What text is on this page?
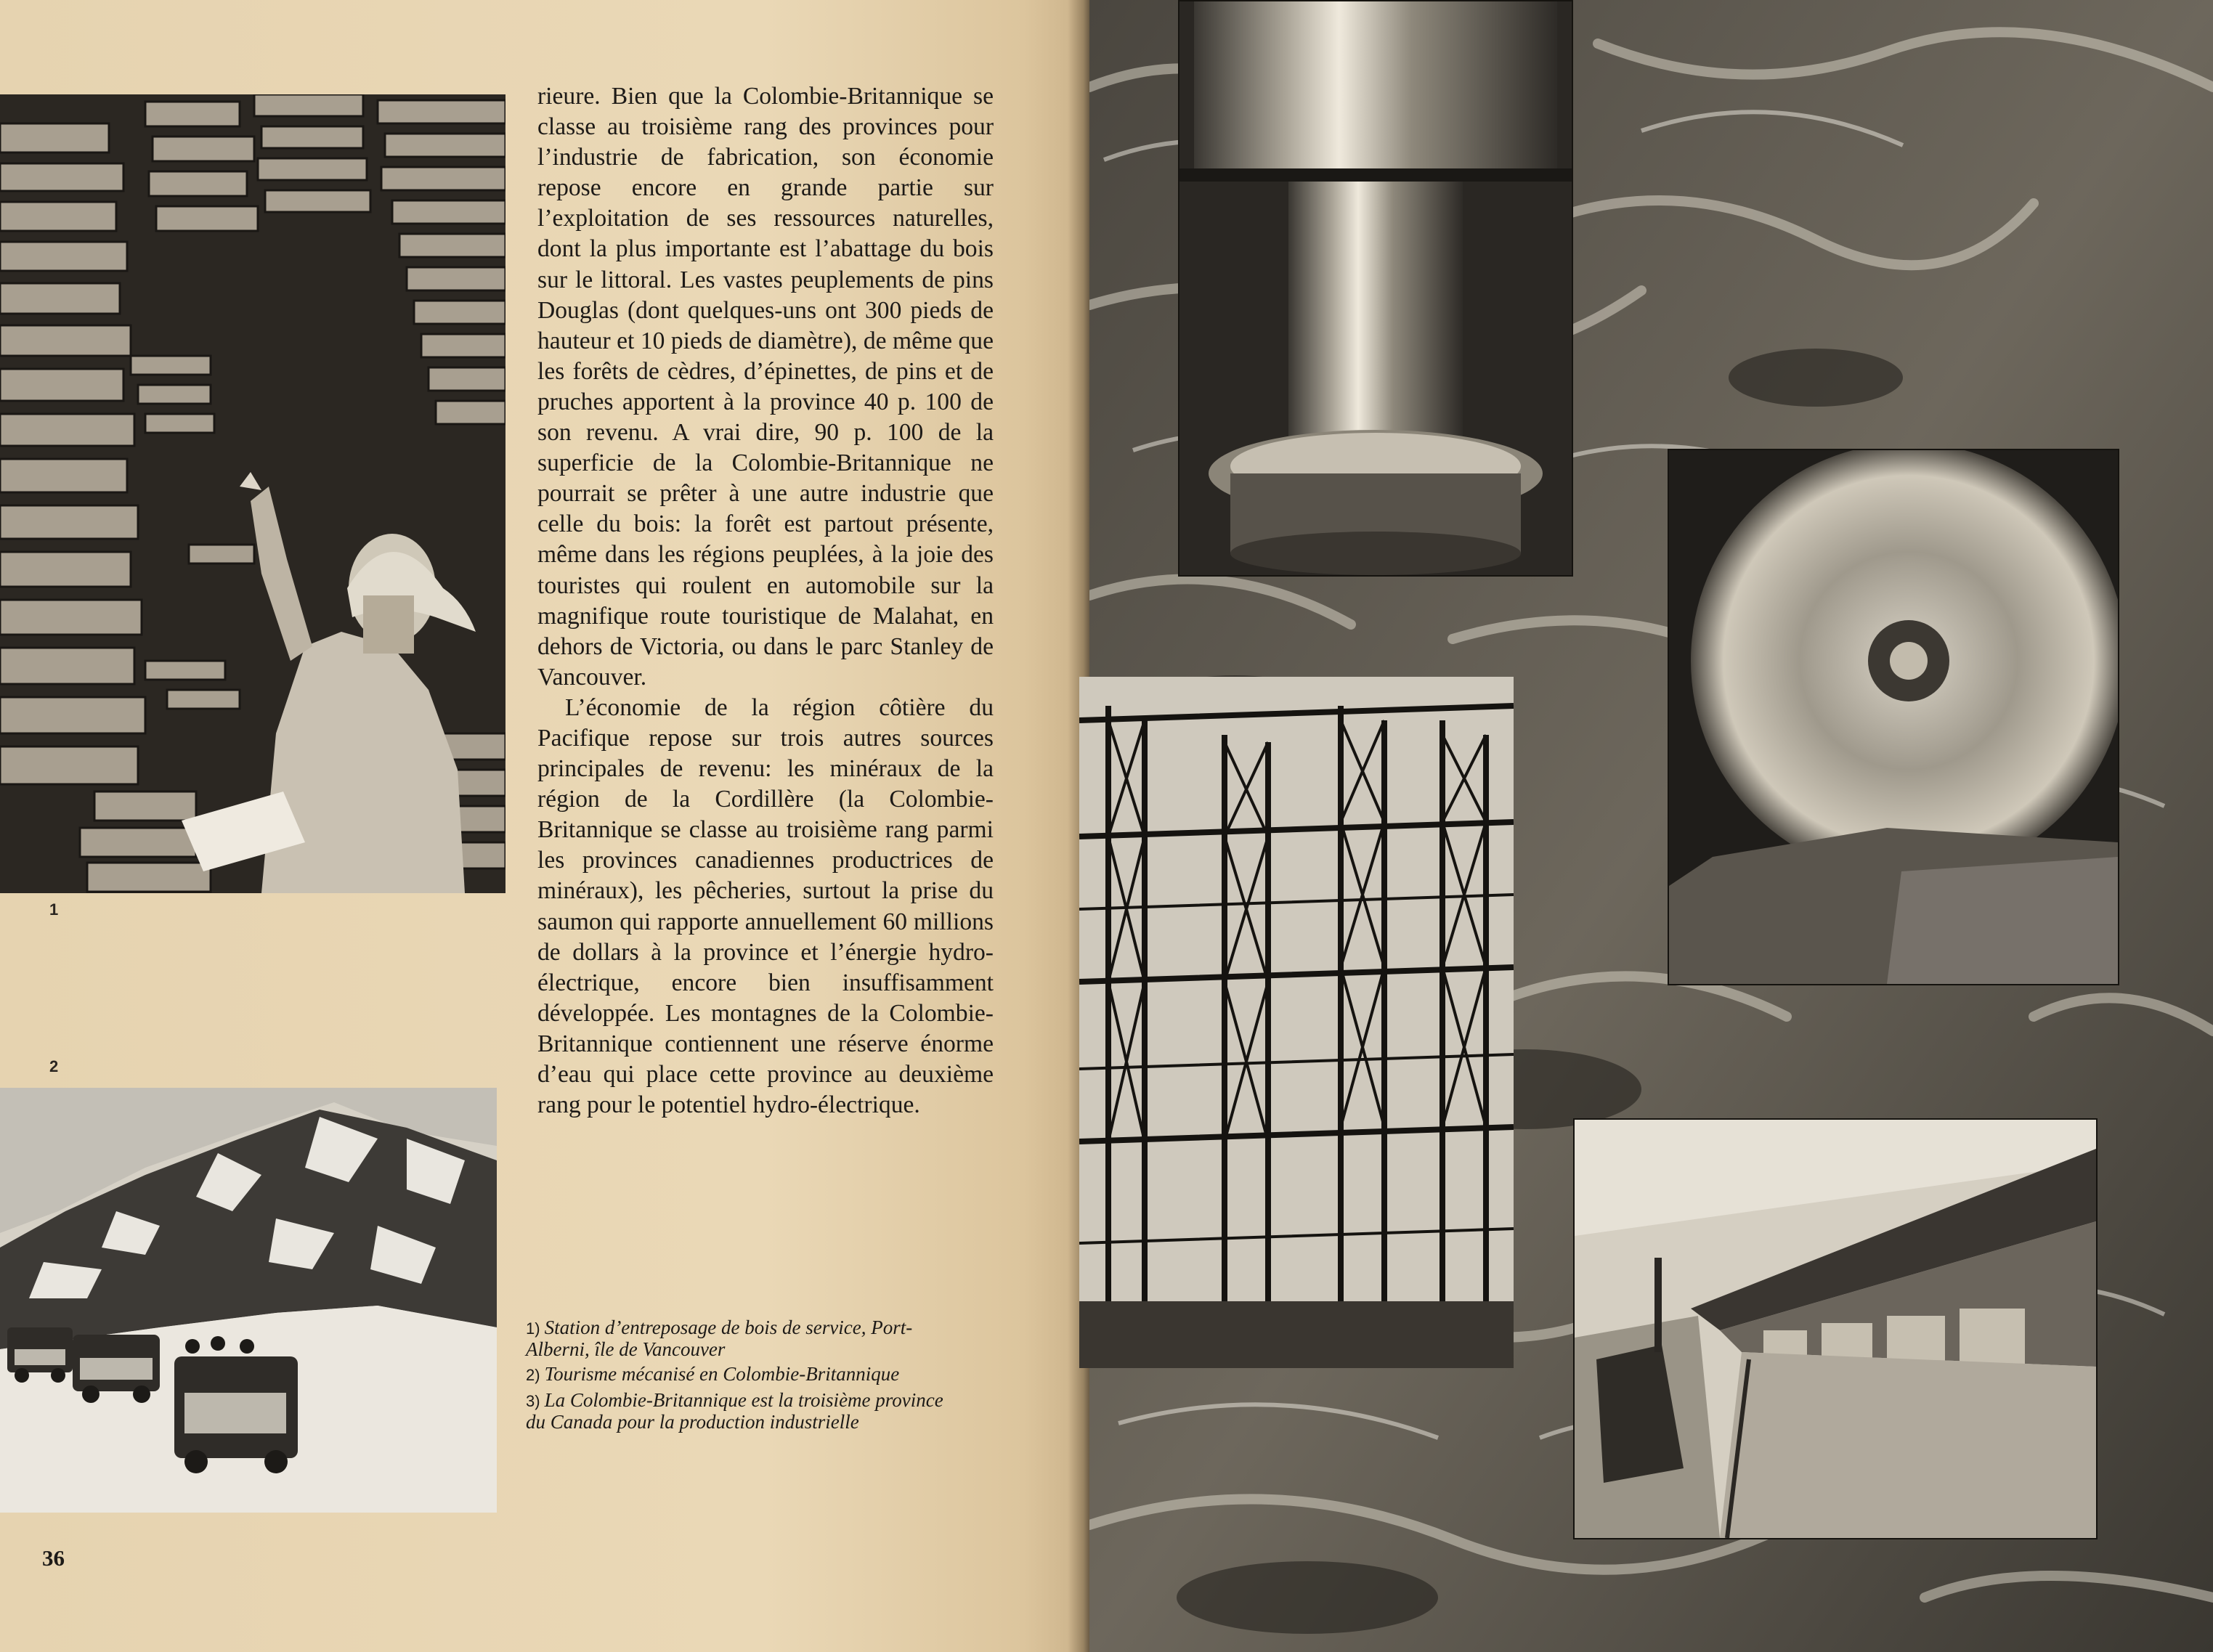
1
2

rieure. Bien que la Colombie-Britannique se classe au troisième rang des provinces pour l’industrie de fabrication, son économie repose encore en grande partie sur l’exploitation de ses ressources naturelles, dont la plus importante est l’abattage du bois sur le littoral. Les vastes peuplements de pins Douglas (dont quelques-uns ont 300 pieds de hauteur et 10 pieds de diamètre), de même que les forêts de cèdres, d’épinettes, de pins et de pruches apportent à la province 40 p. 100 de son revenu. A vrai dire, 90 p. 100 de la superficie de la Colombie-Britannique ne pourrait se prêter à une autre industrie que celle du bois: la forêt est partout présente, même dans les régions peuplées, à la joie des touristes qui roulent en automobile sur la magnifique route touristique de Malahat, en dehors de Victoria, ou dans le parc Stanley de Vancouver.

L’économie de la région côtière du Pacifique repose sur trois autres sources principales de revenu: les minéraux de la région de la Cordillère (la Colombie-Britannique se classe au troisième rang parmi les provinces canadiennes productrices de minéraux), les pêcheries, surtout la prise du saumon qui rapporte annuellement 60 millions de dollars à la province et l’énergie hydro-électrique, encore bien insuffisamment développée. Les montagnes de la Colombie-Britannique contiennent une réserve énorme d’eau qui place cette province au deuxième rang pour le potentiel hydro-électrique.

1) Station d’entreposage de bois de service, Port-Alberni, île de Vancouver

2) Tourisme mécanisé en Colombie-Britannique

3) La Colombie-Britannique est la troisième province du Canada pour la production industrielle

36
